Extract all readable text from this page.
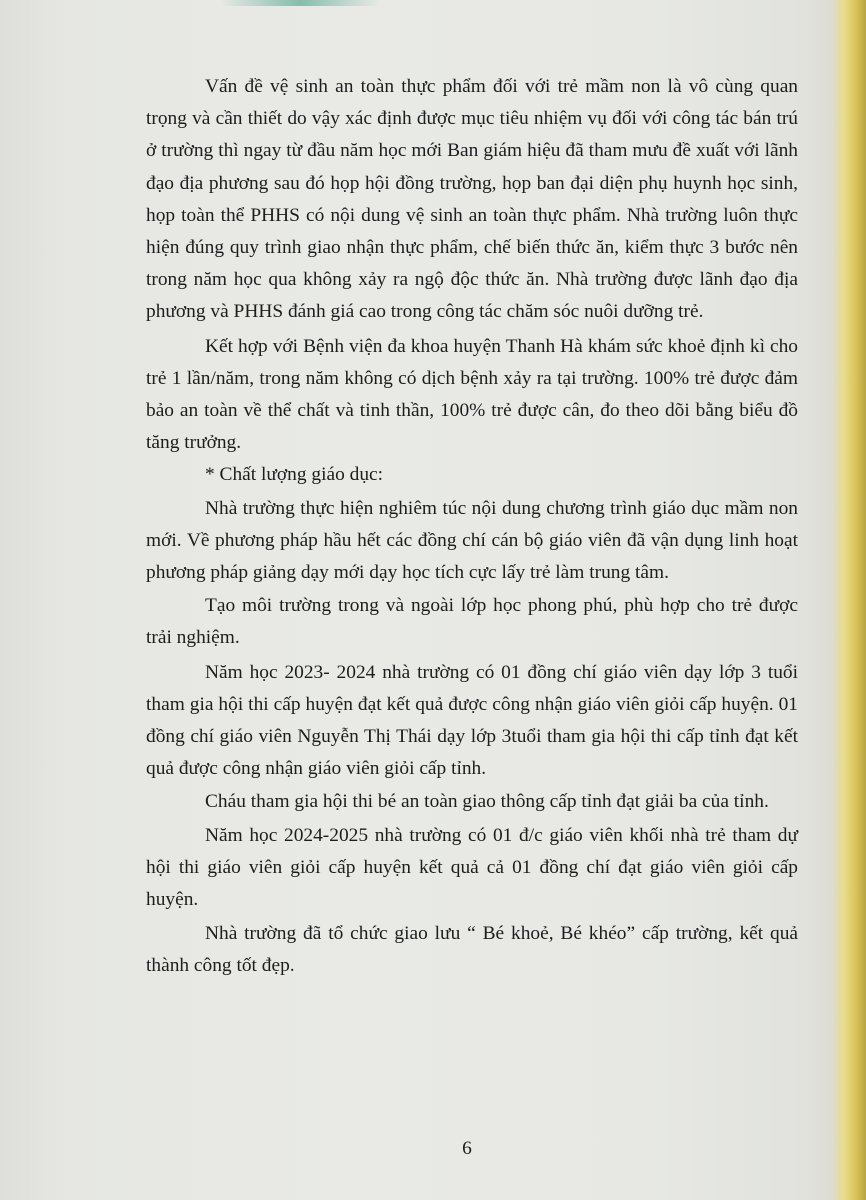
Vấn đề vệ sinh an toàn thực phẩm đối với trẻ mầm non là vô cùng quan trọng và cần thiết do vậy xác định được mục tiêu nhiệm vụ đối với công tác bán trú ở trường thì ngay từ đầu năm học mới Ban giám hiệu đã tham mưu đề xuất với lãnh đạo địa phương sau đó họp hội đồng trường, họp ban đại diện phụ huynh học sinh, họp toàn thể PHHS có nội dung vệ sinh an toàn thực phẩm. Nhà trường luôn thực hiện đúng quy trình giao nhận thực phẩm, chế biến thức ăn, kiểm thực 3 bước nên trong năm học qua không xảy ra ngộ độc thức ăn. Nhà trường được lãnh đạo địa phương và PHHS đánh giá cao trong công tác chăm sóc nuôi dưỡng trẻ.

Kết hợp với Bệnh viện đa khoa huyện Thanh Hà khám sức khoẻ định kì cho trẻ 1 lần/năm, trong năm không có dịch bệnh xảy ra tại trường. 100% trẻ được đảm bảo an toàn về thể chất và tinh thần, 100% trẻ được cân, đo theo dõi bằng biểu đồ tăng trưởng.

* Chất lượng giáo dục:

Nhà trường thực hiện nghiêm túc nội dung chương trình giáo dục mầm non mới. Về phương pháp hầu hết các đồng chí cán bộ giáo viên đã vận dụng linh hoạt phương pháp giảng dạy mới dạy học tích cực lấy trẻ làm trung tâm.

Tạo môi trường trong và ngoài lớp học phong phú, phù hợp cho trẻ được trải nghiệm.

Năm học 2023- 2024 nhà trường có 01 đồng chí giáo viên dạy lớp 3 tuổi tham gia hội thi cấp huyện đạt kết quả được công nhận giáo viên giỏi cấp huyện. 01 đồng chí giáo viên Nguyễn Thị Thái dạy lớp 3tuổi tham gia hội thi cấp tỉnh đạt kết quả được công nhận giáo viên giỏi cấp tỉnh.

Cháu tham gia hội thi bé an toàn giao thông cấp tỉnh đạt giải ba của tỉnh.

Năm học 2024-2025 nhà trường có 01 đ/c giáo viên khối nhà trẻ tham dự hội thi giáo viên giỏi cấp huyện kết quả cả 01 đồng chí đạt giáo viên giỏi cấp huyện.

Nhà trường đã tổ chức giao lưu “ Bé khoẻ, Bé khéo” cấp trường, kết quả thành công tốt đẹp.

6
